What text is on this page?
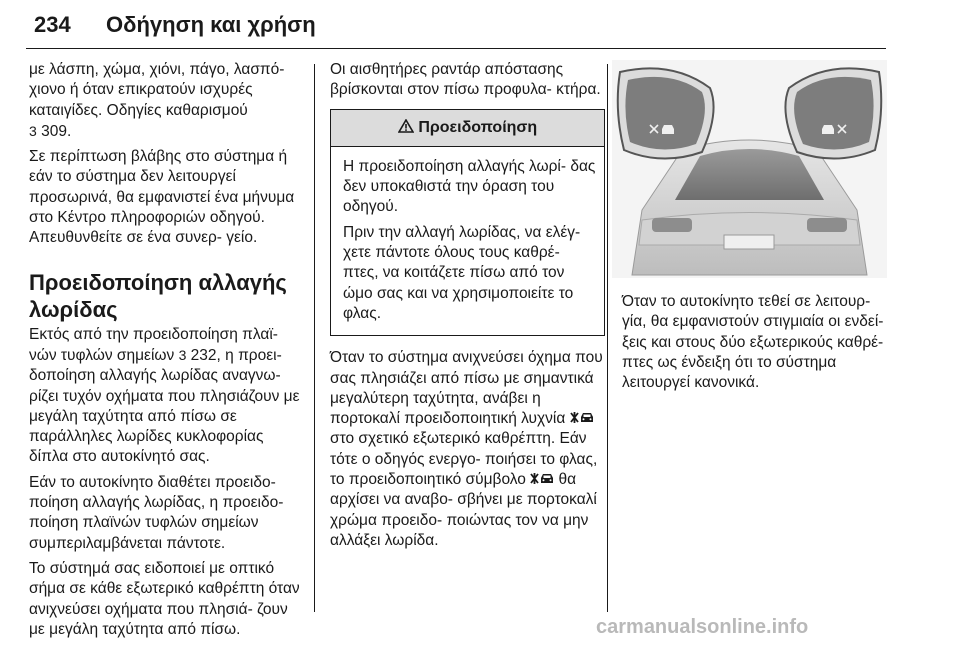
234 Οδήγηση και χρήση

με λάσπη, χώμα, χιόνι, πάγο, λασπό- χιονο ή όταν επικρατούν ισχυρές καταιγίδες. Οδηγίες καθαρισμού
3 309.

Σε περίπτωση βλάβης στο σύστημα ή εάν το σύστημα δεν λειτουργεί προσωρινά, θα εμφανιστεί ένα μήνυμα στο Κέντρο πληροφοριών οδηγού. Απευθυνθείτε σε ένα συνερ- γείο.

Προειδοποίηση αλλαγής λωρίδας

Εκτός από την προειδοποίηση πλαϊ- νών τυφλών σημείων 3 232, η προει- δοποίηση αλλαγής λωρίδας αναγνω- ρίζει τυχόν οχήματα που πλησιάζουν με μεγάλη ταχύτητα από πίσω σε παράλληλες λωρίδες κυκλοφορίας δίπλα στο αυτοκίνητό σας.

Εάν το αυτοκίνητο διαθέτει προειδο- ποίηση αλλαγής λωρίδας, η προειδο- ποίηση πλαϊνών τυφλών σημείων συμπεριλαμβάνεται πάντοτε.

Το σύστημά σας ειδοποιεί με οπτικό σήμα σε κάθε εξωτερικό καθρέπτη όταν ανιχνεύσει οχήματα που πλησιά- ζουν με μεγάλη ταχύτητα από πίσω.

Οι αισθητήρες ραντάρ απόστασης βρίσκονται στον πίσω προφυλα- κτήρα.

Προειδοποίηση

Η προειδοποίηση αλλαγής λωρί- δας δεν υποκαθιστά την όραση του οδηγού.

Πριν την αλλαγή λωρίδας, να ελέγ- χετε πάντοτε όλους τους καθρέ- πτες, να κοιτάζετε πίσω από τον ώμο σας και να χρησιμοποιείτε το φλας.

Όταν το σύστημα ανιχνεύσει όχημα που σας πλησιάζει από πίσω με σημαντικά μεγαλύτερη ταχύτητα, ανάβει η πορτοκαλί προειδοποιητική λυχνία  στο σχετικό εξωτερικό καθρέπτη. Εάν τότε ο οδηγός ενεργο- ποιήσει το φλας, το προειδοποιητικό σύμβολο  θα αρχίσει να αναβο- σβήνει με πορτοκαλί χρώμα προειδο- ποιώντας τον να μην αλλάξει λωρίδα.

Όταν το αυτοκίνητο τεθεί σε λειτουρ- γία, θα εμφανιστούν στιγμιαία οι ενδεί- ξεις και στους δύο εξωτερικούς καθρέ- πτες ως ένδειξη ότι το σύστημα λειτουργεί κανονικά.

carmanualsonline.info
